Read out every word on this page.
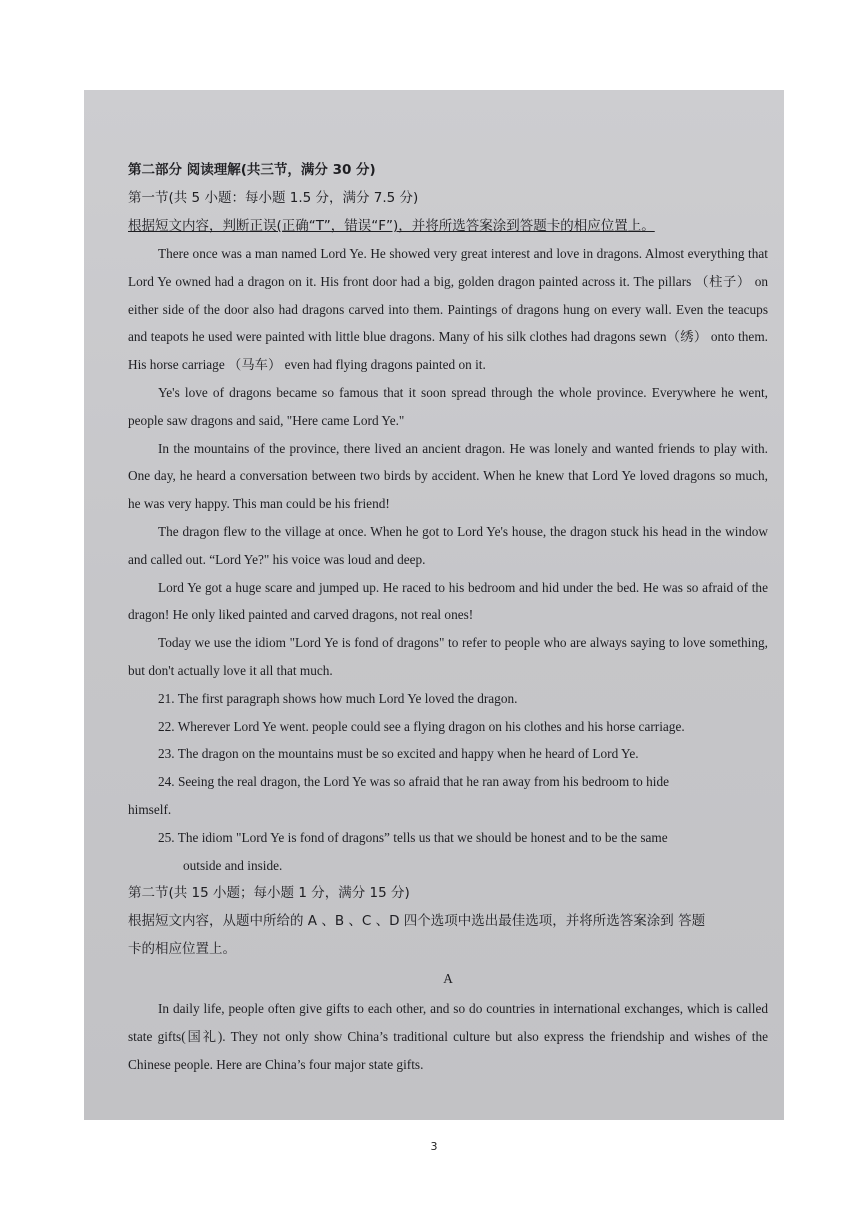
第二部分 阅读理解(共三节，满分 30 分)
第一节(共 5 小题：每小题 1.5 分，满分 7.5 分)
根据短文内容，判断正误(正确“T”，错误“F”)，并将所选答案涂到答题卡的相应位置上。

There once was a man named Lord Ye. He showed very great interest and love in dragons. Almost everything that Lord Ye owned had a dragon on it. His front door had a big, golden dragon painted across it. The pillars （柱子） on either side of the door also had dragons carved into them. Paintings of dragons hung on every wall. Even the teacups and teapots he used were painted with little blue dragons. Many of his silk clothes had dragons sewn（绣） onto them. His horse carriage （马车） even had flying dragons painted on it.

Ye's love of dragons became so famous that it soon spread through the whole province. Everywhere he went, people saw dragons and said, "Here came Lord Ye."

In the mountains of the province, there lived an ancient dragon. He was lonely and wanted friends to play with. One day, he heard a conversation between two birds by accident. When he knew that Lord Ye loved dragons so much, he was very happy. This man could be his friend!

The dragon flew to the village at once. When he got to Lord Ye's house, the dragon stuck his head in the window and called out. “Lord Ye?" his voice was loud and deep.

Lord Ye got a huge scare and jumped up. He raced to his bedroom and hid under the bed. He was so afraid of the dragon! He only liked painted and carved dragons, not real ones!

Today we use the idiom "Lord Ye is fond of dragons" to refer to people who are always saying to love something, but don't actually love it all that much.

21. The first paragraph shows how much Lord Ye loved the dragon.

22. Wherever Lord Ye went. people could see a flying dragon on his clothes and his horse carriage.

23. The dragon on the mountains must be so excited and happy when he heard of Lord Ye.

24. Seeing the real dragon, the Lord Ye was so afraid that he ran away from his bedroom to hide

himself.

25. The idiom "Lord Ye is fond of dragons” tells us that we should be honest and to be the same

outside and inside.

第二节(共 15 小题；每小题 1 分，满分 15 分)
根据短文内容，从题中所给的 A 、B 、C 、D 四个选项中选出最佳选项，并将所选答案涂到 答题
卡的相应位置上。
A

In daily life, people often give gifts to each other, and so do countries in international exchanges, which is called state gifts(国礼). They not only show China’s traditional culture but also express the friendship and wishes of the Chinese people. Here are China’s four major state gifts.

3
